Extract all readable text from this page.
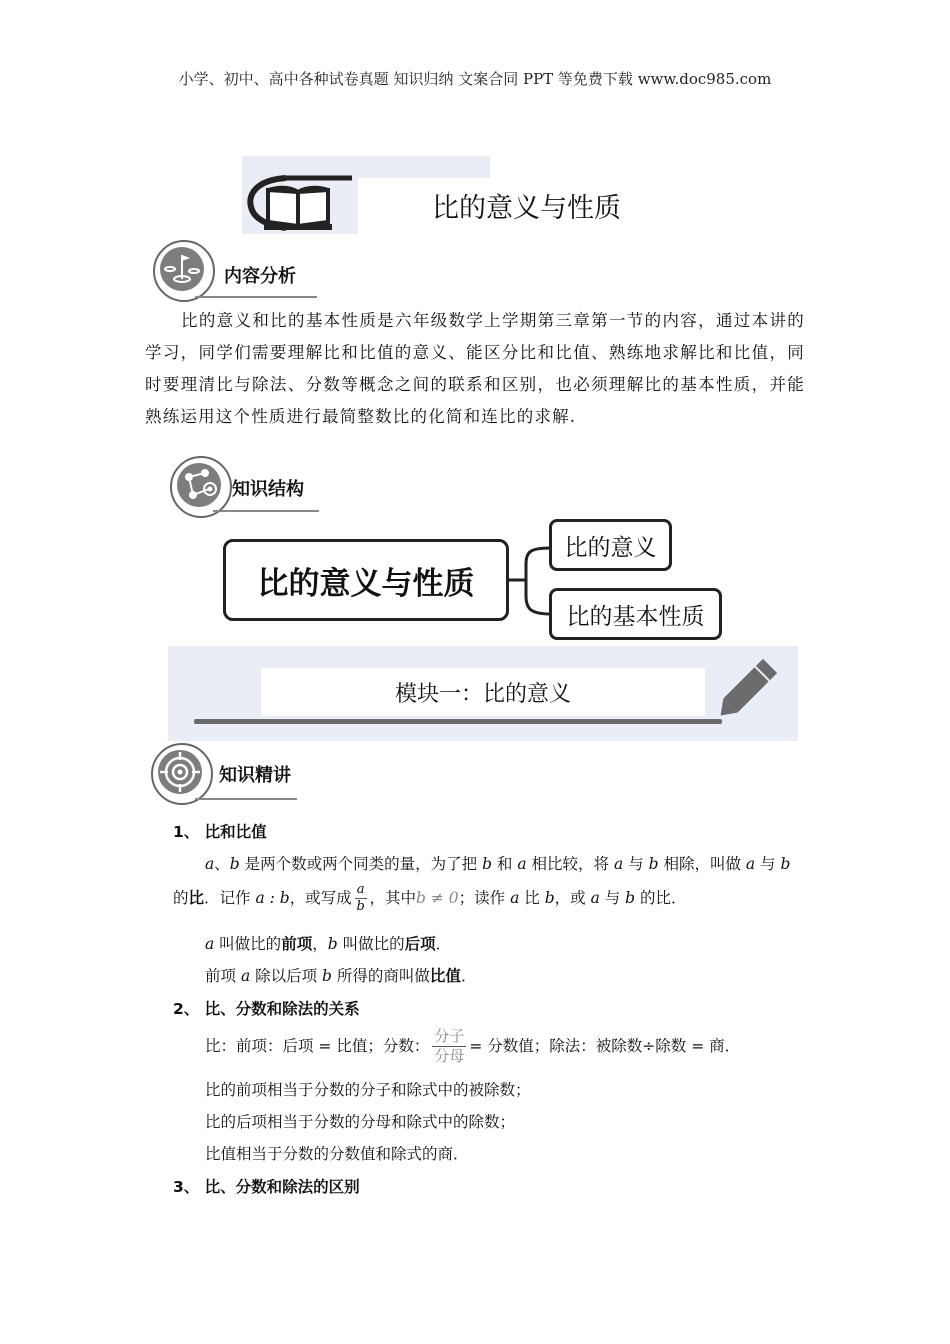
小学、初中、高中各种试卷真题 知识归纳 文案合同 PPT 等免费下载 www.doc985.com
比的意义与性质
内容分析
比的意义和比的基本性质是六年级数学上学期第三章第一节的内容，通过本讲的学习，同学们需要理解比和比值的意义、能区分比和比值、熟练地求解比和比值，同时要理清比与除法、分数等概念之间的联系和区别，也必须理解比的基本性质，并能熟练运用这个性质进行最简整数比的化简和连比的求解.
知识结构
比的意义与性质
比的意义
比的基本性质
模块一：比的意义
知识精讲
1、 比和比值
a、b 是两个数或两个同类的量，为了把 b 和 a 相比较，将 a 与 b 相除，叫做 a 与 b
的比．记作 a : b，或写成 $\frac{a}{b}$ ，其中b ≠ 0；读作 a 比 b，或 a 与 b 的比．
a 叫做比的前项，b 叫做比的后项．
前项 a 除以后项 b 所得的商叫做比值．
2、 比、分数和除法的关系
比：前项：后项 = 比值；分数： $\frac{\text{分子}}{\text{分母}}$ = 分数值；除法：被除数÷除数 = 商．
比的前项相当于分数的分子和除式中的被除数；
比的后项相当于分数的分母和除式中的除数；
比值相当于分数的分数值和除式的商．
3、 比、分数和除法的区别
